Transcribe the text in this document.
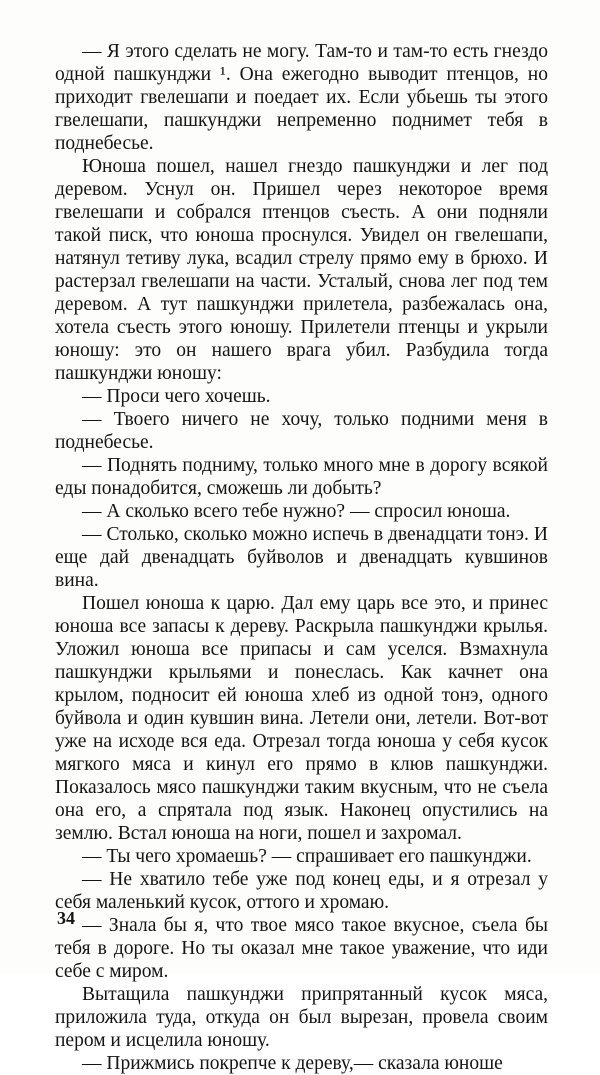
— Я этого сделать не могу. Там-то и там-то есть гнездо одной пашкунджи ¹. Она ежегодно выводит птенцов, но приходит гвелешапи и поедает их. Если убьешь ты этого гвелешапи, пашкунджи непременно поднимет тебя в поднебесье.

Юноша пошел, нашел гнездо пашкунджи и лег под деревом. Уснул он. Пришел через некоторое время гвелешапи и собрался птенцов съесть. А они подняли такой писк, что юноша проснулся. Увидел он гвелешапи, натянул тетиву лука, всадил стрелу прямо ему в брюхо. И растерзал гвелешапи на части. Усталый, снова лег под тем деревом. А тут пашкунджи прилетела, разбежалась она, хотела съесть этого юношу. Прилетели птенцы и укрыли юношу: это он нашего врага убил. Разбудила тогда пашкунджи юношу:

— Проси чего хочешь.

— Твоего ничего не хочу, только подними меня в поднебесье.

— Поднять подниму, только много мне в дорогу всякой еды понадобится, сможешь ли добыть?

— А сколько всего тебе нужно? — спросил юноша.

— Столько, сколько можно испечь в двенадцати тонэ. И еще дай двенадцать буйволов и двенадцать кувшинов вина.

Пошел юноша к царю. Дал ему царь все это, и принес юноша все запасы к дереву. Раскрыла пашкунджи крылья. Уложил юноша все припасы и сам уселся. Взмахнула пашкунджи крыльями и понеслась. Как качнет она крылом, подносит ей юноша хлеб из одной тонэ, одного буйвола и один кувшин вина. Летели они, летели. Вот-вот уже на исходе вся еда. Отрезал тогда юноша у себя кусок мягкого мяса и кинул его прямо в клюв пашкунджи. Показалось мясо пашкунджи таким вкусным, что не съела она его, а спрятала под язык. Наконец опустились на землю. Встал юноша на ноги, пошел и захромал.

— Ты чего хромаешь? — спрашивает его пашкунджи.

— Не хватило тебе уже под конец еды, и я отрезал у себя маленький кусок, оттого и хромаю.

— Знала бы я, что твое мясо такое вкусное, съела бы тебя в дороге. Но ты оказал мне такое уважение, что иди себе с миром.

Вытащила пашкунджи припрятанный кусок мяса, приложила туда, откуда он был вырезан, провела своим пером и исцелила юношу.

— Прижмись покрепче к дереву,— сказала юноше

34
